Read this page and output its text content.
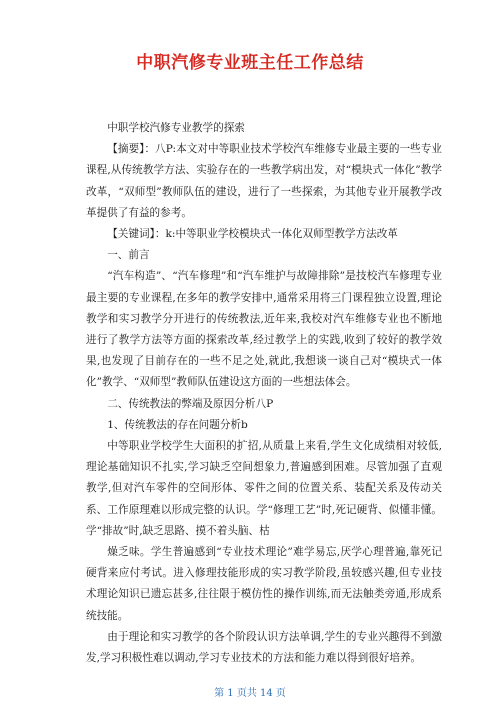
中职汽修专业班主任工作总结

中职学校汽修专业教学的探索

【摘要】：八P:本文对中等职业技术学校汽车维修专业最主要的一些专业课程,从传统教学方法、实验存在的一些教学病出发，对“模块式一体化”教学改革，“双师型”教师队伍的建设，进行了一些探索，为其他专业开展教学改革提供了有益的参考。

【关键词】：k:中等职业学校模块式一体化双师型教学方法改革

一、前言

“汽车构造”、“汽车修理”和“汽车维护与故障排除”是技校汽车修理专业最主要的专业课程,在多年的教学安排中,通常采用将三门课程独立设置,理论教学和实习教学分开进行的传统教法,近年来,我校对汽车维修专业也不断地进行了教学方法等方面的探索改革,经过教学上的实践,收到了较好的教学效果,也发现了目前存在的一些不足之处,就此,我想谈一谈自己对“模块式一体化”教学、“双师型”教师队伍建设这方面的一些想法体会。

二、传统教法的弊端及原因分析八P

1、传统教法的存在问题分析b

中等职业学校学生大面积的扩招,从质量上来看,学生文化成绩相对较低,理论基础知识不扎实,学习缺乏空间想象力,普遍感到困难。尽管加强了直观教学,但对汽车零件的空间形体、零件之间的位置关系、装配关系及传动关系、工作原理难以形成完整的认识。学“修理工艺”时,死记硬背、似懂非懂。学“排故”时,缺乏思路、摸不着头脑、枯

燥乏味。学生普遍感到“专业技术理论”难学易忘,厌学心理普遍,靠死记硬背来应付考试。进入修理技能形成的实习教学阶段,虽较感兴趣,但专业技术理论知识已遗忘甚多,往往限于模仿性的操作训练,而无法触类旁通,形成系统技能。

由于理论和实习教学的各个阶段认识方法单调,学生的专业兴趣得不到激发,学习积极性难以调动,学习专业技术的方法和能力难以得到很好培养。

第 1 页共 14 页
